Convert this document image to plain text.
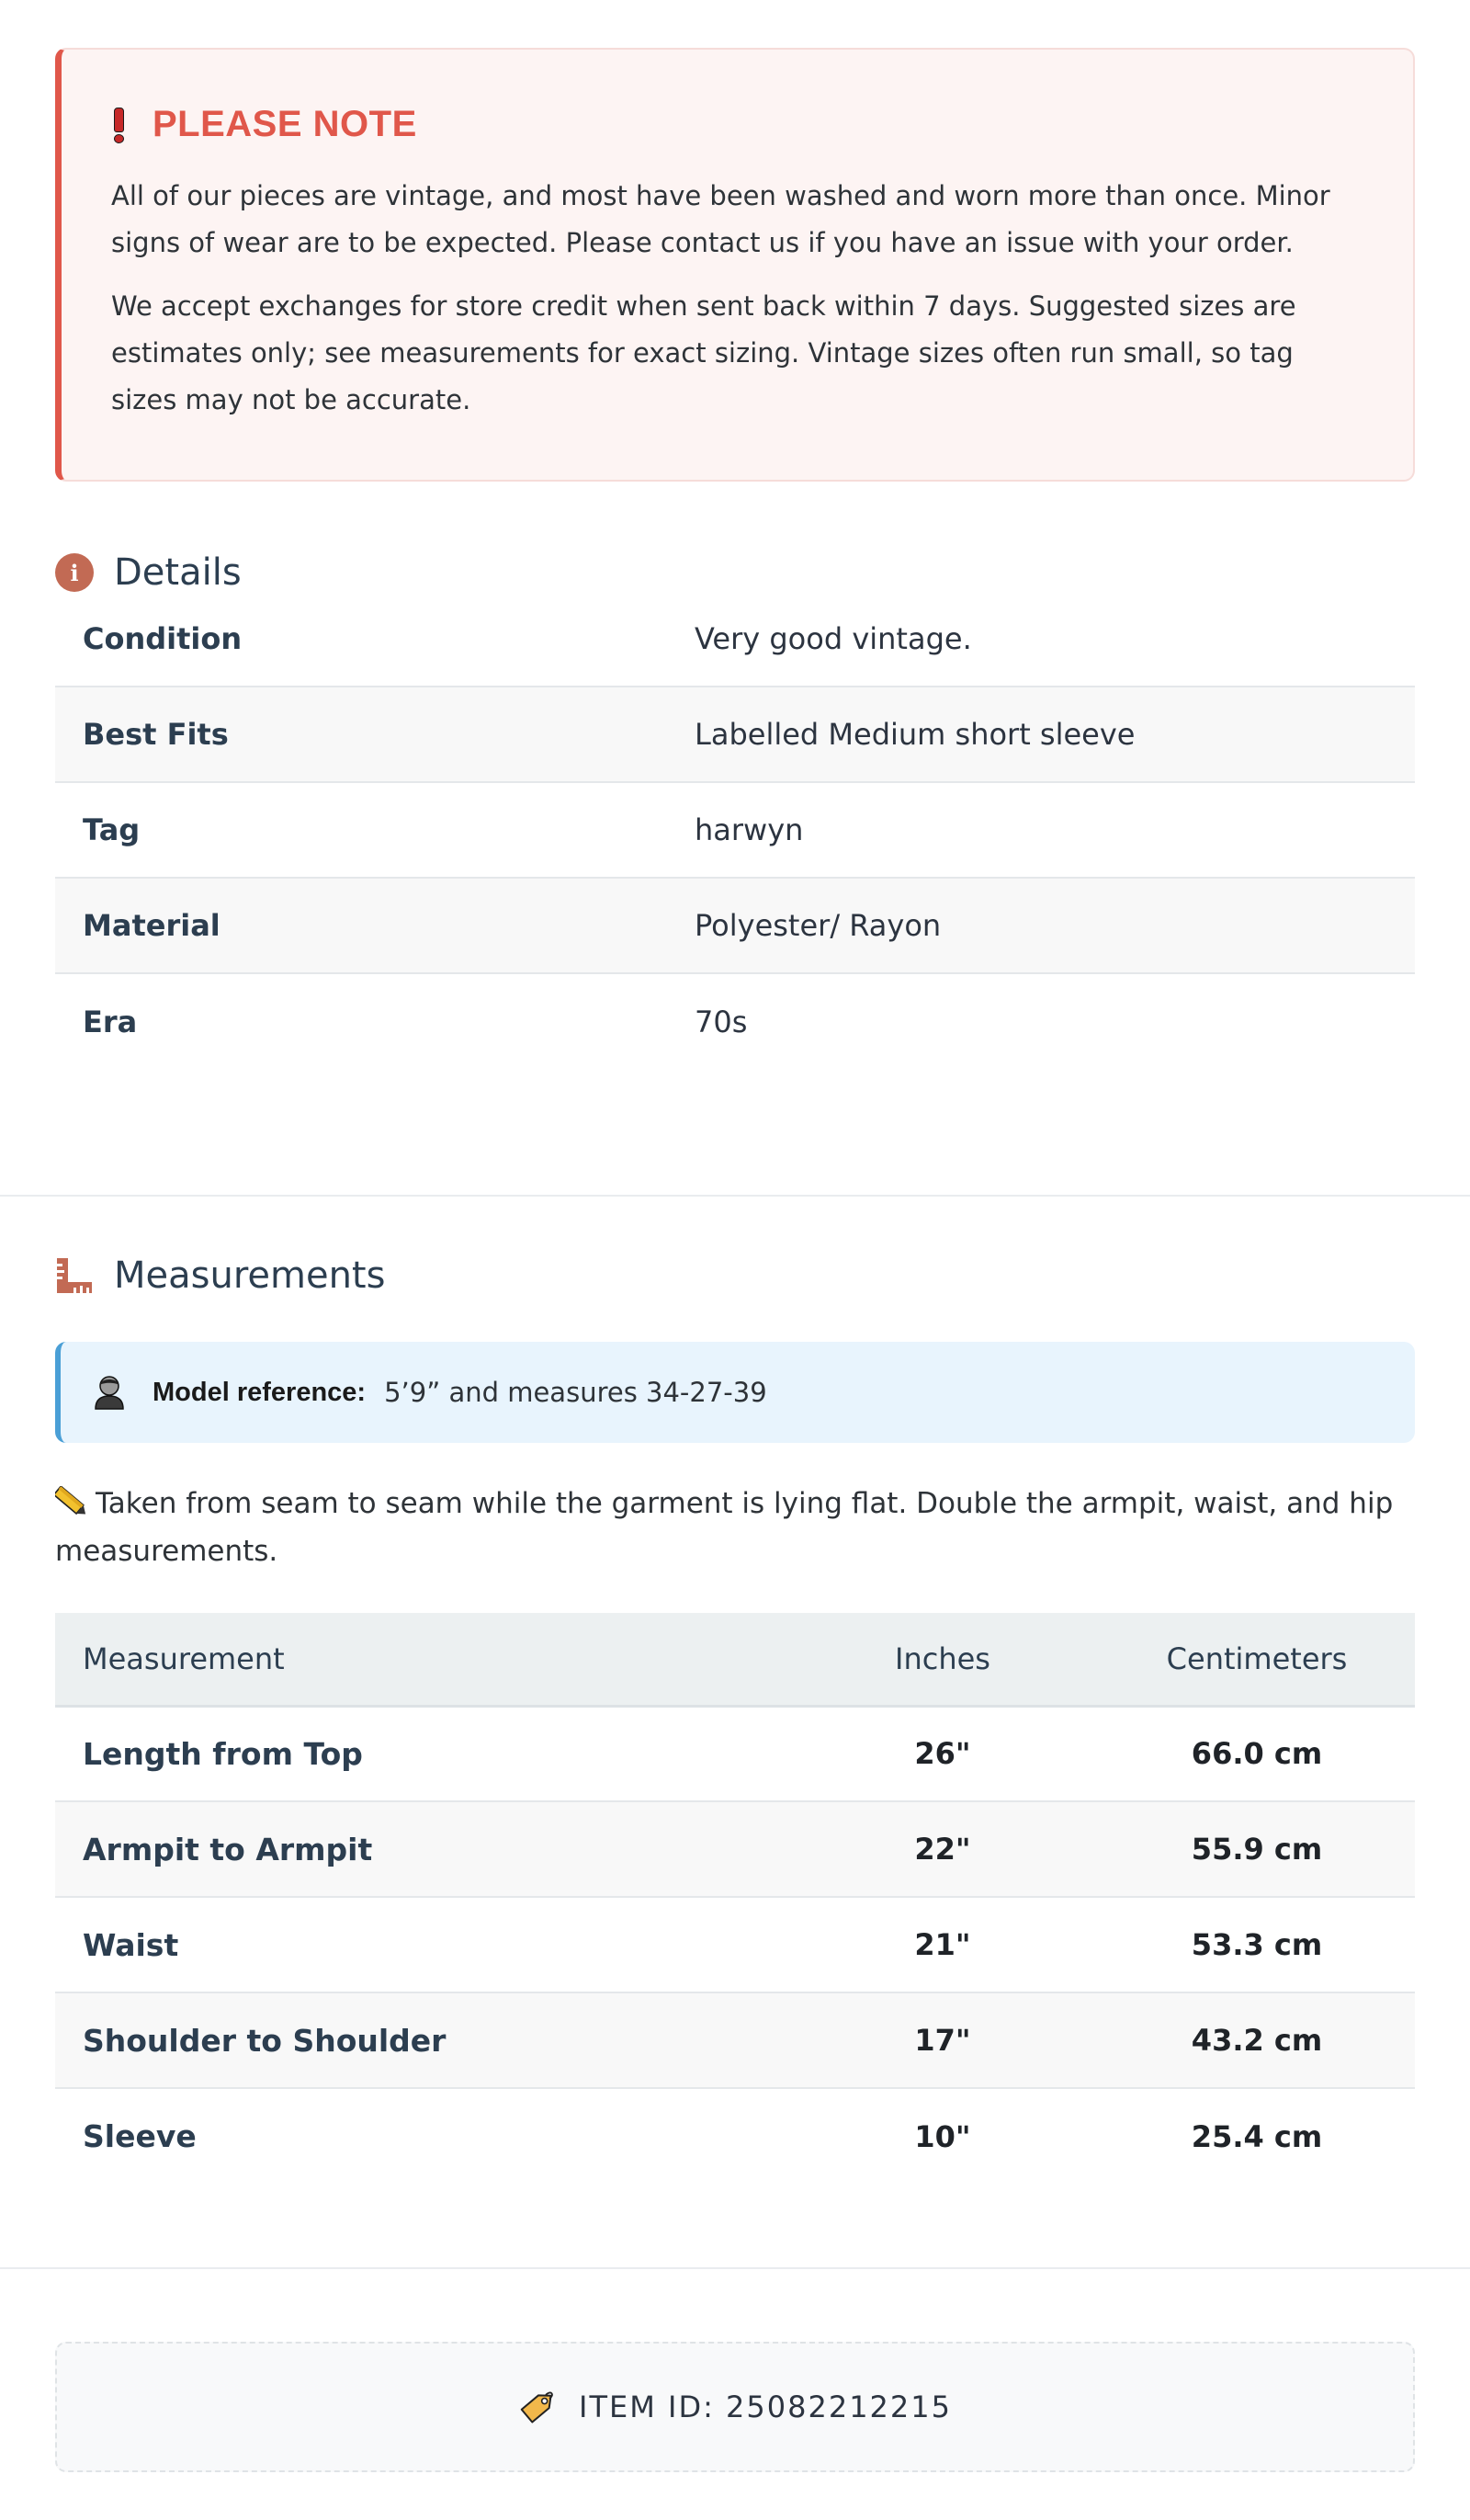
PLEASE NOTE

All of our pieces are vintage, and most have been washed and worn more than once. Minor signs of wear are to be expected. Please contact us if you have an issue with your order.

We accept exchanges for store credit when sent back within 7 days. Suggested sizes are estimates only; see measurements for exact sizing. Vintage sizes often run small, so tag sizes may not be accurate.

i Details
Condition	Very good vintage.
Best Fits	Labelled Medium short sleeve
Tag	harwyn
Material	Polyester/ Rayon
Era	70s
Measurements
Model reference: 5’9” and measures 34-27-39

Taken from seam to seam while the garment is lying flat. Double the armpit, waist, and hip measurements.

Measurement	Inches	Centimeters
Length from Top	26"	66.0 cm
Armpit to Armpit	22"	55.9 cm
Waist	21"	53.3 cm
Shoulder to Shoulder	17"	43.2 cm
Sleeve	10"	25.4 cm
ITEM ID: 25082212215
